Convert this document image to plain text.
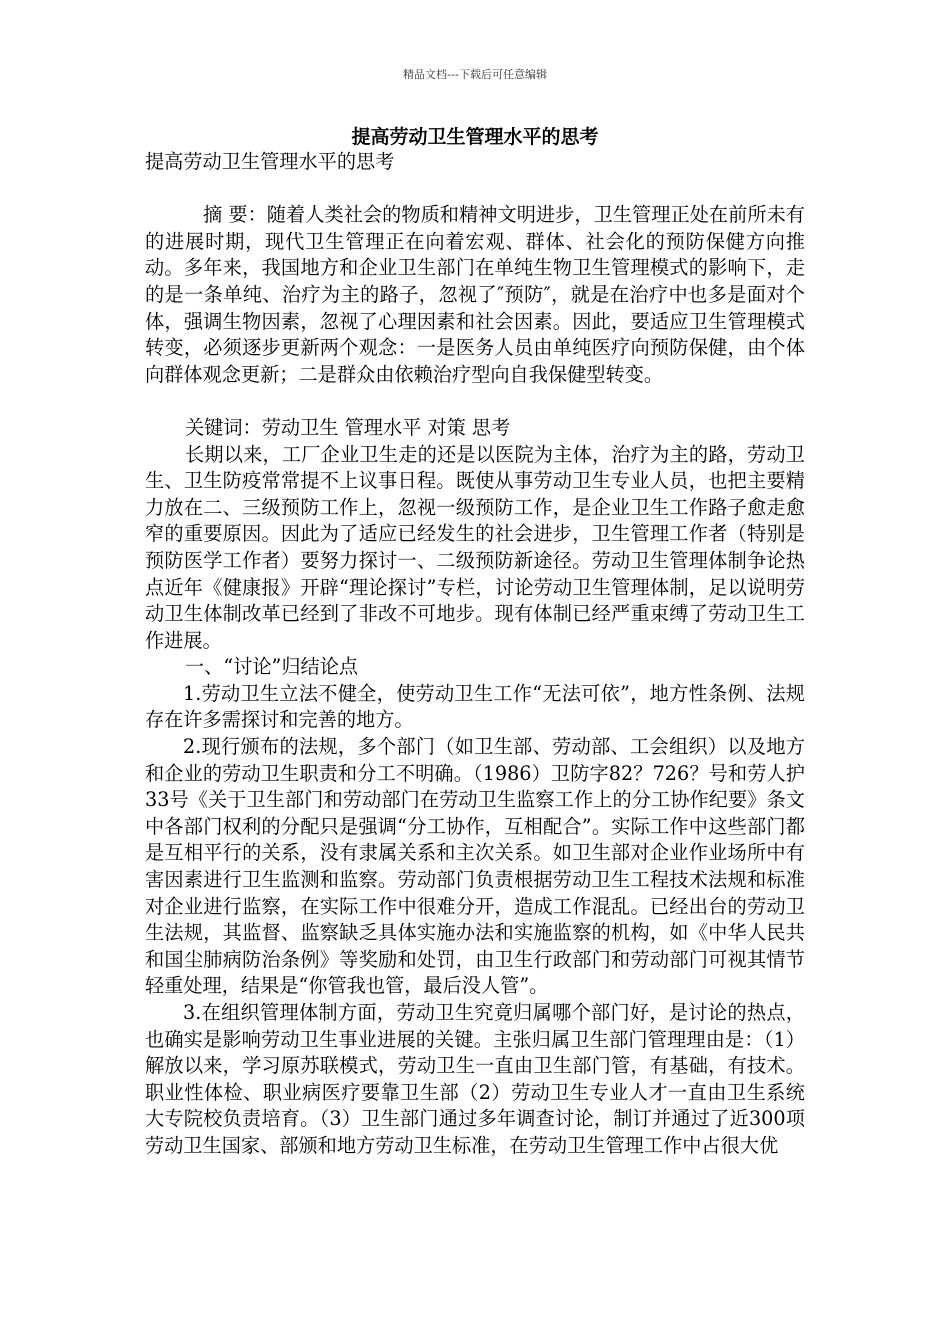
精品文档---下载后可任意编辑
提高劳动卫生管理水平的思考

提高劳动卫生管理水平的思考

摘 要：随着人类社会的物质和精神文明进步，卫生管理正处在前所未有的进展时期，现代卫生管理正在向着宏观、群体、社会化的预防保健方向推动。多年来，我国地方和企业卫生部门在单纯生物卫生管理模式的影响下，走的是一条单纯、治疗为主的路子，忽视了″预防″，就是在治疗中也多是面对个体，强调生物因素，忽视了心理因素和社会因素。因此，要适应卫生管理模式转变，必须逐步更新两个观念：一是医务人员由单纯医疗向预防保健，由个体向群体观念更新；二是群众由依赖治疗型向自我保健型转变。

关键词：劳动卫生 管理水平 对策 思考

长期以来，工厂企业卫生走的还是以医院为主体，治疗为主的路，劳动卫生、卫生防疫常常提不上议事日程。既使从事劳动卫生专业人员，也把主要精力放在二、三级预防工作上，忽视一级预防工作，是企业卫生工作路子愈走愈窄的重要原因。因此为了适应已经发生的社会进步，卫生管理工作者（特别是预防医学工作者）要努力探讨一、二级预防新途径。劳动卫生管理体制争论热点近年《健康报》开辟“理论探讨”专栏，讨论劳动卫生管理体制，足以说明劳动卫生体制改革已经到了非改不可地步。现有体制已经严重束缚了劳动卫生工作进展。

一、“讨论”归结论点

1.劳动卫生立法不健全，使劳动卫生工作“无法可依”，地方性条例、法规存在许多需探讨和完善的地方。

2.现行颁布的法规，多个部门（如卫生部、劳动部、工会组织）以及地方和企业的劳动卫生职责和分工不明确。（1986）卫防字82？726？号和劳人护33号《关于卫生部门和劳动部门在劳动卫生监察工作上的分工协作纪要》条文中各部门权利的分配只是强调“分工协作，互相配合”。实际工作中这些部门都是互相平行的关系，没有隶属关系和主次关系。如卫生部对企业作业场所中有害因素进行卫生监测和监察。劳动部门负责根据劳动卫生工程技术法规和标准对企业进行监察，在实际工作中很难分开，造成工作混乱。已经出台的劳动卫生法规，其监督、监察缺乏具体实施办法和实施监察的机构，如《中华人民共和国尘肺病防治条例》等奖励和处罚，由卫生行政部门和劳动部门可视其情节轻重处理，结果是“你管我也管，最后没人管”。

3.在组织管理体制方面，劳动卫生究竟归属哪个部门好，是讨论的热点，也确实是影响劳动卫生事业进展的关键。主张归属卫生部门管理理由是：（1）解放以来，学习原苏联模式，劳动卫生一直由卫生部门管，有基础，有技术。职业性体检、职业病医疗要靠卫生部（2）劳动卫生专业人才一直由卫生系统大专院校负责培育。（3）卫生部门通过多年调查讨论，制订并通过了近300项劳动卫生国家、部颁和地方劳动卫生标准，在劳动卫生管理工作中占很大优
